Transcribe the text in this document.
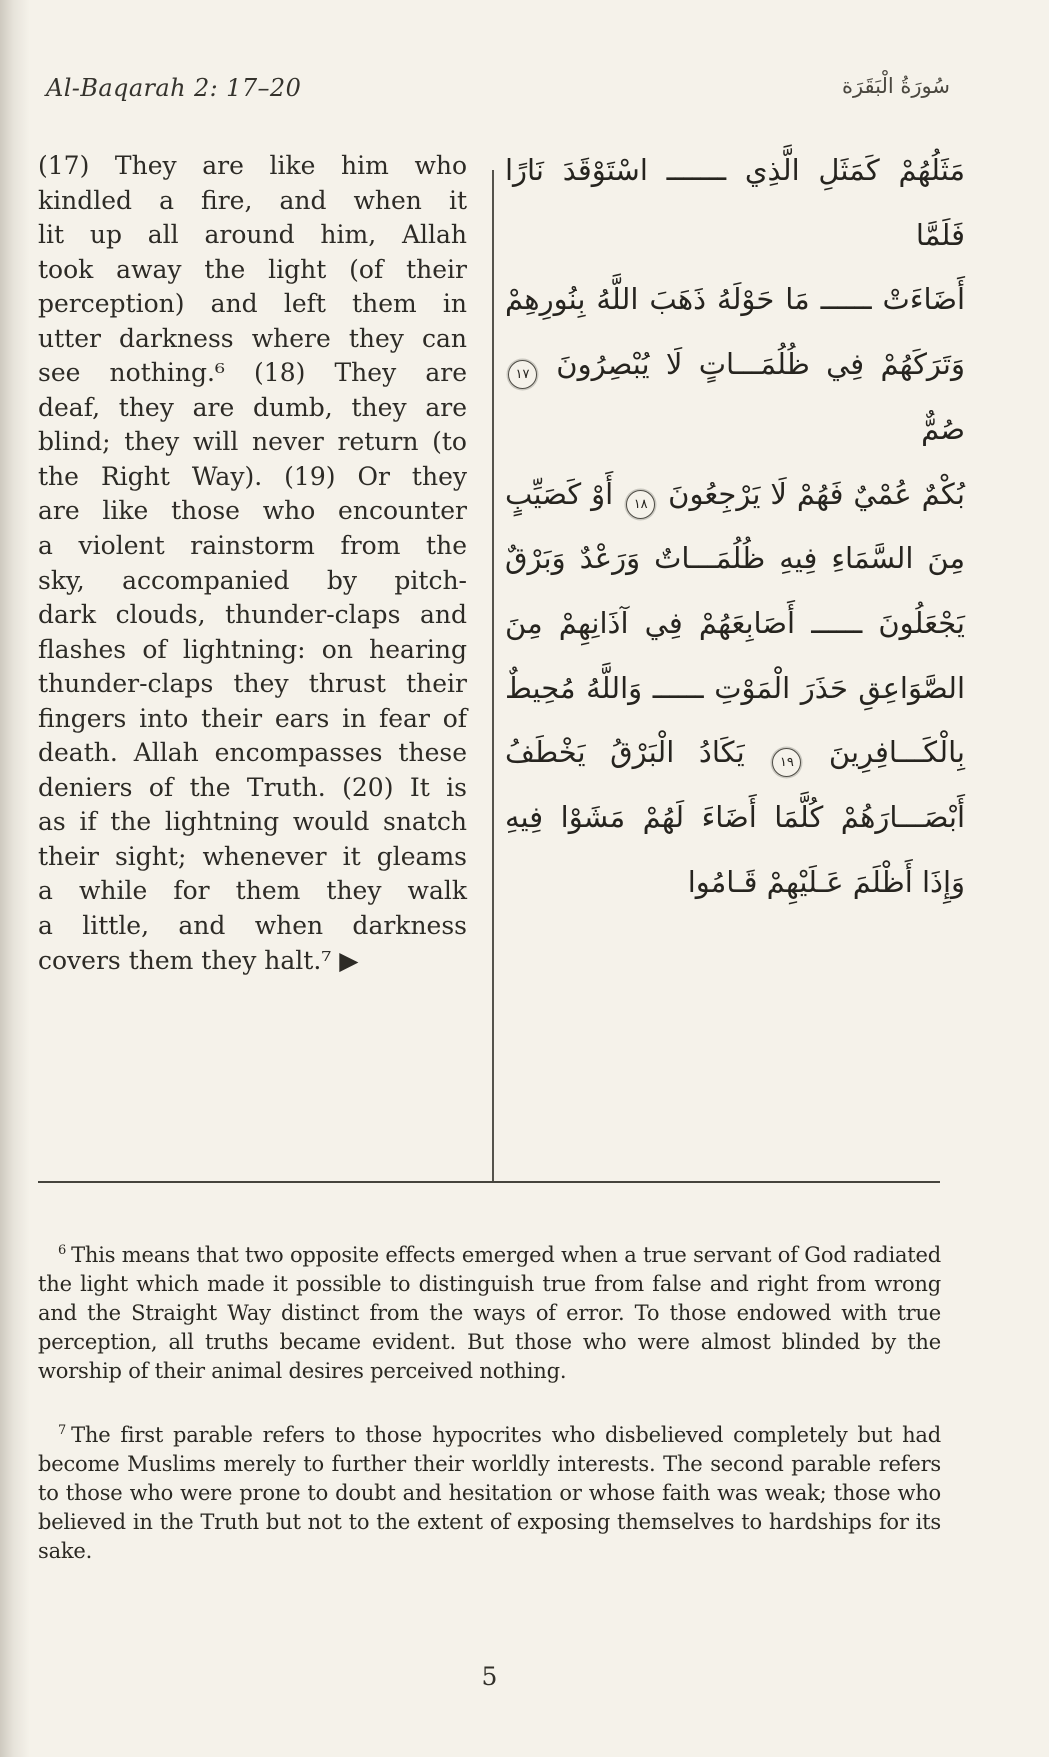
Al-Baqarah 2: 17–20	سُورَةُ الْبَقَرَة
(17) They are like him who
kindled a fire, and when it
lit up all around him, Allah
took away the light (of their
perception) and left them in
utter darkness where they can
see nothing.⁶ (18) They are
deaf, they are dumb, they are
blind; they will never return (to
the Right Way). (19) Or they
are like those who encounter
a violent rainstorm from the
sky, accompanied by pitch-
dark clouds, thunder-claps and
flashes of lightning: on hearing
thunder-claps they thrust their
fingers into their ears in fear of
death. Allah encompasses these
deniers of the Truth. (20) It is
as if the lightning would snatch
their sight; whenever it gleams
a while for them they walk
a little, and when darkness
covers them they halt.⁷ ▶
مَثَلُهُمْ كَمَثَلِ الَّذِي ـــــــ اسْتَوْقَدَ نَارًا فَلَمَّا
أَضَاءَتْ ــــــ مَا حَوْلَهُ ذَهَبَ اللَّهُ بِنُورِهِمْ
وَتَرَكَهُمْ فِي ظُلُمَـــاتٍ لَا يُبْصِرُونَ ١٧ صُمٌّ
بُكْمٌ عُمْيٌ فَهُمْ لَا يَرْجِعُونَ ١٨ أَوْ كَصَيِّبٍ
مِنَ السَّمَاءِ فِيهِ ظُلُمَـــاتٌ وَرَعْدٌ وَبَرْقٌ
يَجْعَلُونَ ــــــ أَصَابِعَهُمْ فِي آذَانِهِمْ مِنَ
الصَّوَاعِقِ حَذَرَ الْمَوْتِ ــــــ وَاللَّهُ مُحِيطٌ
بِالْكَـــافِرِينَ ١٩ يَكَادُ الْبَرْقُ يَخْطَفُ
أَبْصَـــارَهُمْ كُلَّمَا أَضَاءَ لَهُمْ مَشَوْا فِيهِ
وَإِذَا أَظْلَمَ عَـلَيْهِمْ قَـامُوا

$^6$ This means that two opposite effects emerged when a true servant of God radiated the light which made it possible to distinguish true from false and right from wrong and the Straight Way distinct from the ways of error. To those endowed with true perception, all truths became evident. But those who were almost blinded by the worship of their animal desires perceived nothing.

$^7$ The first parable refers to those hypocrites who disbelieved completely but had become Muslims merely to further their worldly interests. The second parable refers to those who were prone to doubt and hesitation or whose faith was weak; those who believed in the Truth but not to the extent of exposing themselves to hardships for its sake.

5
